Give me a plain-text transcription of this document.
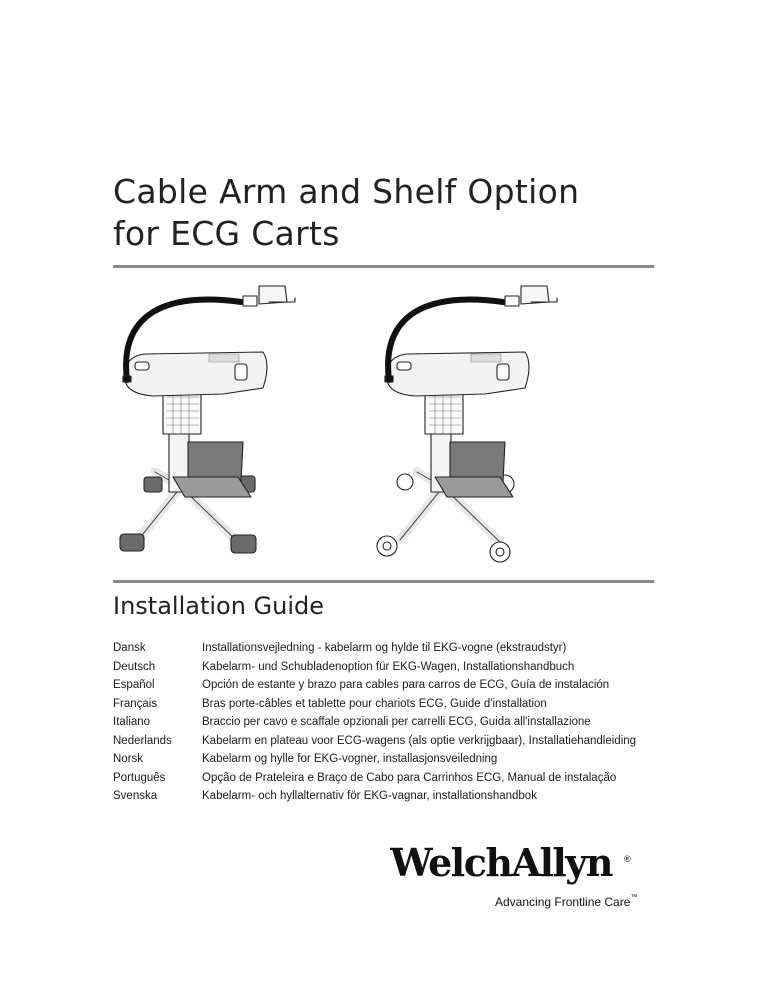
Cable Arm and Shelf Option
for ECG Carts
Installation Guide
Dansk	Installationsvejledning - kabelarm og hylde til EKG-vogne (ekstraudstyr)
Deutsch	Kabelarm- und Schubladenoption für EKG-Wagen, Installationshandbuch
Español	Opción de estante y brazo para cables para carros de ECG, Guía de instalación
Français	Bras porte-câbles et tablette pour chariots ECG, Guide d'installation
Italiano	Braccio per cavo e scaffale opzionali per carrelli ECG, Guida all'installazione
Nederlands	Kabelarm en plateau voor ECG-wagens (als optie verkrijgbaar), Installatiehandleiding
Norsk	Kabelarm og hylle for EKG-vogner, installasjonsveiledning
Português	Opção de Prateleira e Braço de Cabo para Carrinhos ECG, Manual de instalação
Svenska	Kabelarm- och hyllalternativ för EKG-vagnar, installationshandbok
WelchAllyn ®
Advancing Frontline Care™
